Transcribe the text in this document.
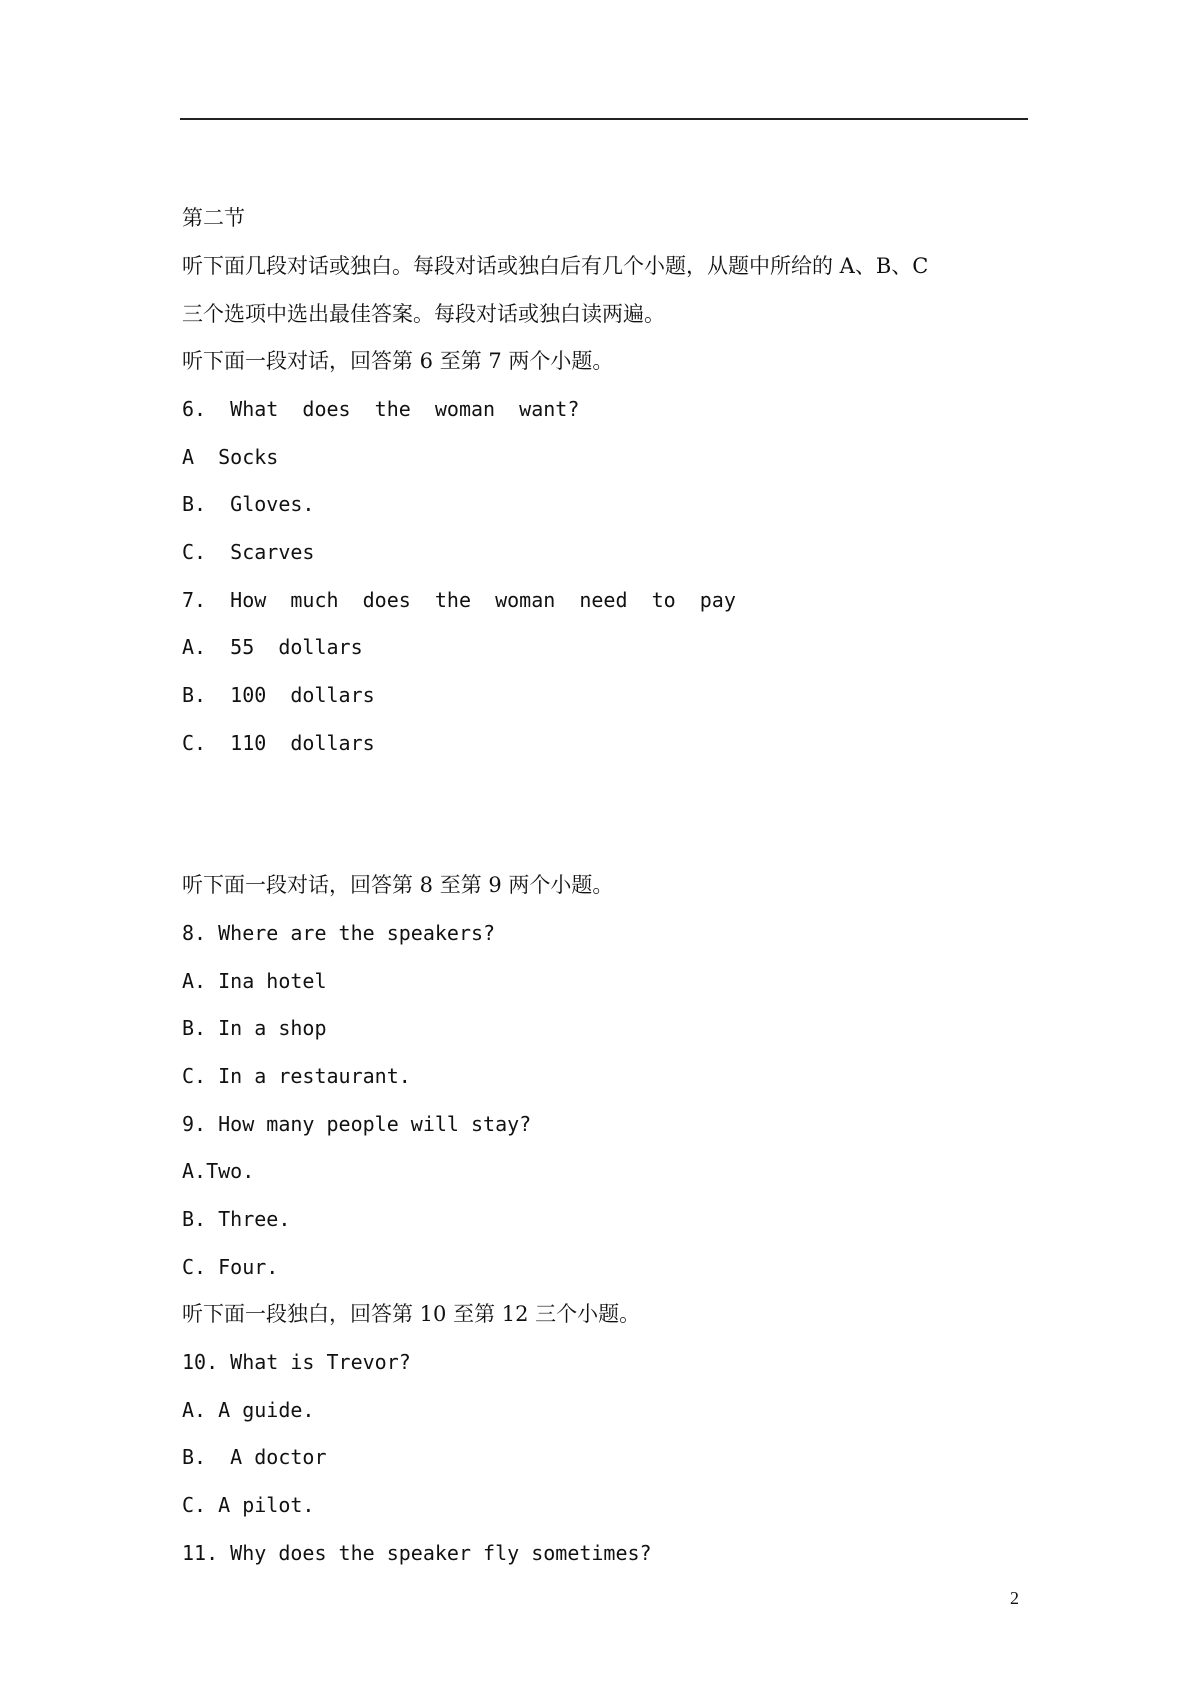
第二节
听下面几段对话或独白。每段对话或独白后有几个小题，从题中所给的 A、B、C
三个选项中选出最佳答案。每段对话或独白读两遍。
听下面一段对话，回答第 6 至第 7 两个小题。
6.  What  does  the  woman  want?
A  Socks
B.  Gloves.
C.  Scarves
7.  How  much  does  the  woman  need  to  pay
A.  55  dollars
B.  100  dollars
C.  110  dollars
听下面一段对话，回答第 8 至第 9 两个小题。
8. Where are the speakers?
A. Ina hotel
B. In a shop
C. In a restaurant.
9. How many people will stay?
A.Two.
B. Three.
C. Four.
听下面一段独白，回答第 10 至第 12 三个小题。
10. What is Trevor?
A. A guide.
B.  A doctor
C. A pilot.
11. Why does the speaker fly sometimes?
2
